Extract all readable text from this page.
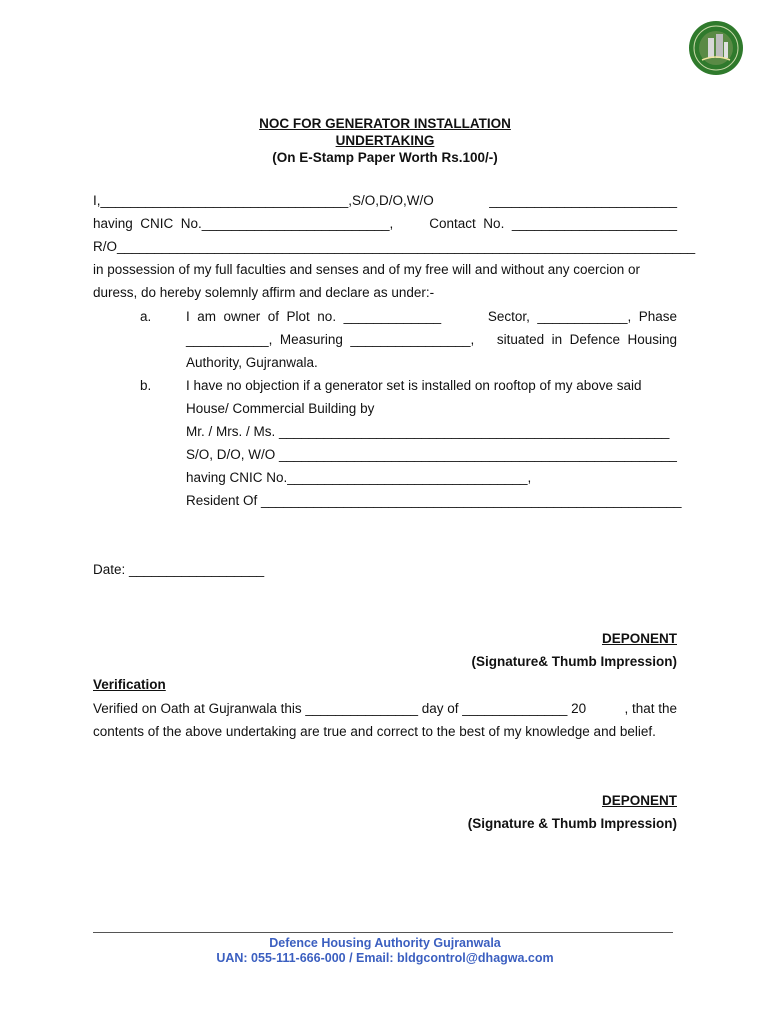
NOC FOR GENERATOR INSTALLATION
UNDERTAKING
(On E-Stamp Paper Worth Rs.100/-)
I,_________________________________,S/O,D/O,W/O	_________________________
having  CNIC  No._________________________,	Contact  No.  ______________________
R/O_____________________________________________________________________________
in possession of my full faculties and senses and of my free will and without any coercion or
duress, do hereby solemnly affirm and declare as under:-
a.	I  am  owner  of  Plot  no.  _____________	Sector,  ____________,  Phase
___________,  Measuring  ________________, situated  in  Defence  Housing
Authority, Gujranwala.
b.	I have no objection if a generator set is installed on rooftop of my above said
House/ Commercial Building by
Mr. / Mrs. / Ms. ____________________________________________________
S/O, D/O, W/O _____________________________________________________
having CNIC No.________________________________,
Resident Of ________________________________________________________
Date: __________________
DEPONENT
(Signature& Thumb Impression)
Verification
Verified on Oath at Gujranwala this _______________ day of ______________ 20	, that the
contents of the above undertaking are true and correct to the best of my knowledge and belief.
DEPONENT
(Signature & Thumb Impression)
Defence Housing Authority Gujranwala
UAN: 055-111-666-000 / Email: bldgcontrol@dhagwa.com
